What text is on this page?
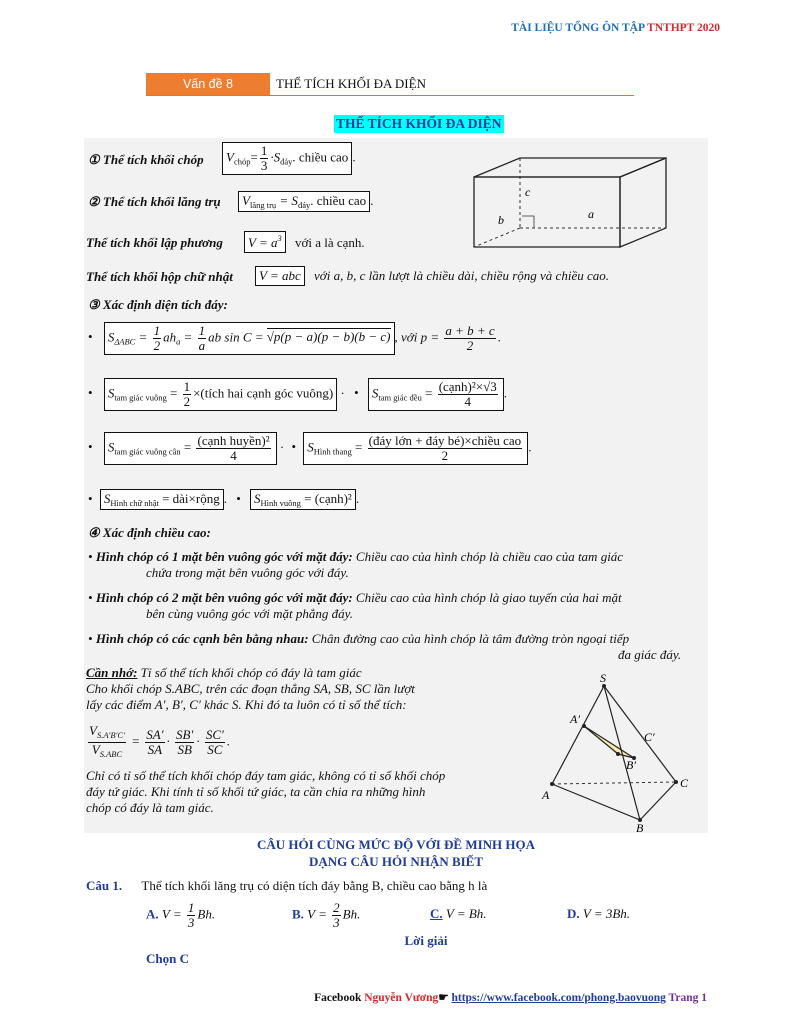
TÀI LIỆU TỔNG ÔN TẬP TNTHPT 2020
Vấn đề 8	THỂ TÍCH KHỐI ĐA DIỆN
THỂ TÍCH KHỐI ĐA DIỆN
① Thể tích khối chóp	$V_{chóp}= \frac{1}{3} \cdot S_{đáy}$. chiều cao .
② Thể tích khối lăng trụ	$V_{lăng trụ} = S_{đáy}$. chiều cao .
Thể tích khối lập phương	$V = a^3$ với a là cạnh.
Thể tích khối hộp chữ nhật	V = abc với a, b, c lần lượt là chiều dài, chiều rộng và chiều cao.
c
b	a
③ Xác định diện tích đáy:
• $S_{\Delta ABC} = \frac{1}{2} ah_a = \frac{1}{a}$ ab sin C = √p(p − a)(p − b)(b − c) , với $p = \frac{a + b + c}{2}$ .
• $S_{tam giác vuông} = \frac{1}{2}$ ×(tích hai cạnh góc vuông) · • $S_{tam giác đều} = \frac{\text{(cạnh)²×√3}}{4}$ .
• $S_{tam giác vuông cân} = \frac{\text{(cạnh huyền)²}}{4}$ · • $S_{Hình thang} = \frac{\text{(đáy lớn + đáy bé)×chiều cao}}{2}$ .
• $S_{Hình chữ nhật}$ = dài×rộng . • $S_{Hình vuông}$ = (cạnh)² .
④ Xác định chiều cao:
• Hình chóp có 1 mặt bên vuông góc với mặt đáy: Chiều cao của hình chóp là chiều cao của tam giác
chứa trong mặt bên vuông góc với đáy.
• Hình chóp có 2 mặt bên vuông góc với mặt đáy: Chiều cao của hình chóp là giao tuyến của hai mặt
bên cùng vuông góc với mặt phẳng đáy.
• Hình chóp có các cạnh bên bằng nhau: Chân đường cao của hình chóp là tâm đường tròn ngoại tiếp
đa giác đáy.
Cần nhớ: Tỉ số thể tích khối chóp có đáy là tam giác
Cho khối chóp S.ABC, trên các đoạn thẳng SA, SB, SC lần lượt
lấy các điểm A′, B′, C′ khác S. Khi đó ta luôn có tỉ số thể tích:
$\frac{V_{S.A'B'C'}}{V_{S.ABC}} = \frac{SA'}{SA} \cdot \frac{SB'}{SB} \cdot \frac{SC'}{SC}$ .
Chỉ có tỉ số thể tích khối chóp đáy tam giác, không có tỉ số khối chóp
đáy tứ giác. Khi tính tỉ số khối tứ giác, ta cần chia ra những hình
chóp có đáy là tam giác.
S
A
B
C
A′
B′
C′
CÂU HỎI CÙNG MỨC ĐỘ VỚI ĐỀ MINH HỌA
DẠNG CÂU HỎI NHẬN BIẾT
Câu 1. Thể tích khối lăng trụ có diện tích đáy bằng B, chiều cao bằng h là
A. $V = \frac{1}{3} Bh$.	B. $V = \frac{2}{3} Bh$.	C. V = Bh.	D. V = 3Bh.
Lời giải
Chọn C
Facebook Nguyễn Vương☛ https://www.facebook.com/phong.baovuong Trang 1
